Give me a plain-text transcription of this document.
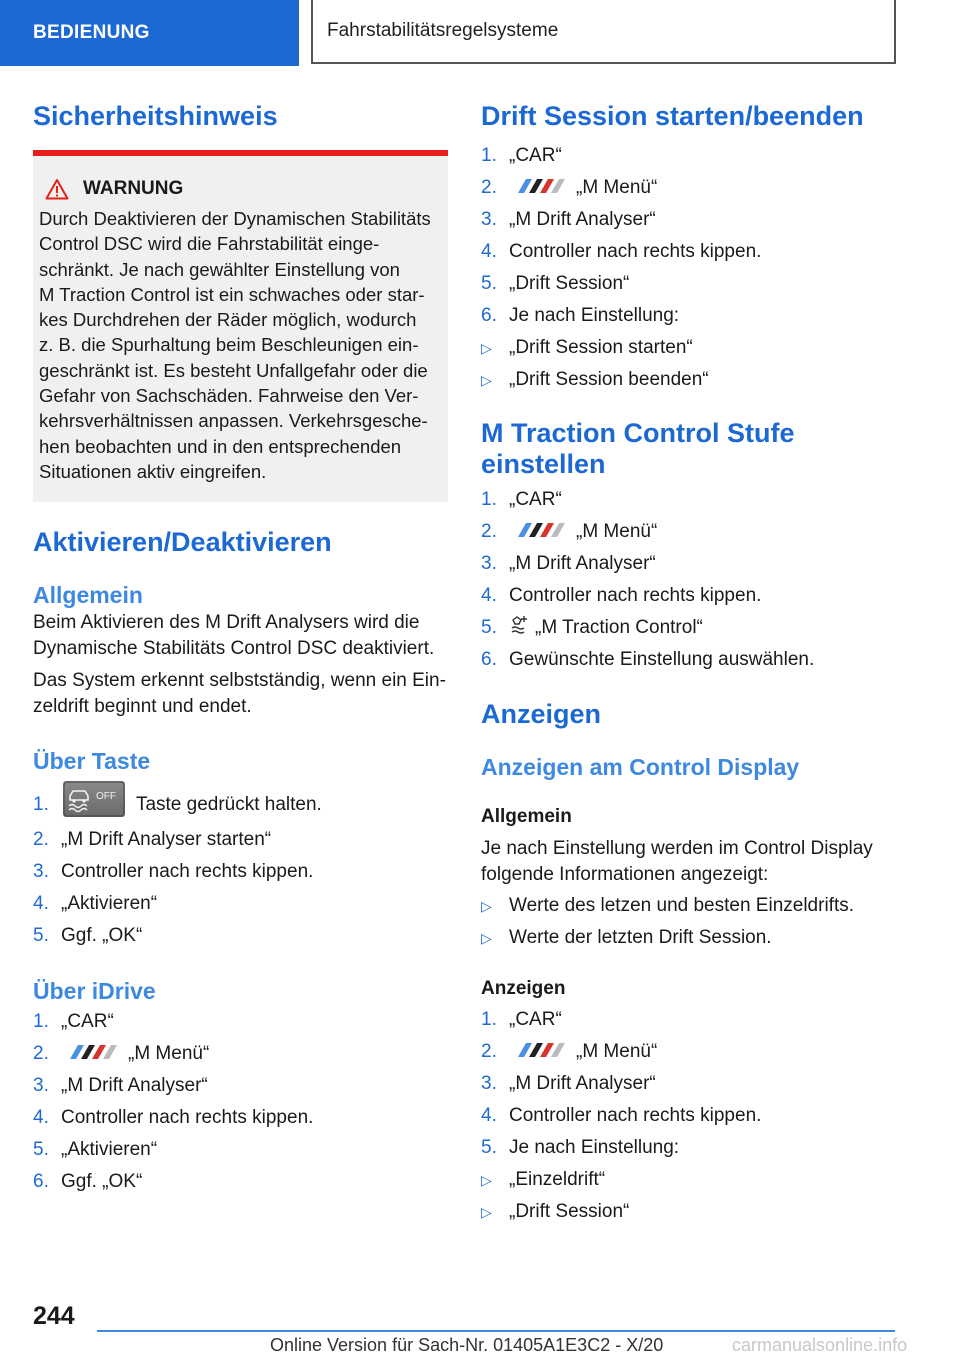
BEDIENUNG	Fahrstabilitätsregelsysteme
Sicherheitshinweis
WARNUNG
Durch Deaktivieren der Dynamischen Stabilitäts
Control DSC wird die Fahrstabilität einge-
schränkt. Je nach gewählter Einstellung von
M Traction Control ist ein schwaches oder star-
kes Durchdrehen der Räder möglich, wodurch
z. B. die Spurhaltung beim Beschleunigen ein-
geschränkt ist. Es besteht Unfallgefahr oder die
Gefahr von Sachschäden. Fahrweise den Ver-
kehrsverhältnissen anpassen. Verkehrsgesche-
hen beobachten und in den entsprechenden
Situationen aktiv eingreifen.
Aktivieren/Deaktivieren
Allgemein

Beim Aktivieren des M Drift Analysers wird die
Dynamische Stabilitäts Control DSC deaktiviert.

Das System erkennt selbstständig, wenn ein Ein-
zeldrift beginnt und endet.

Über Taste
1.	OFF Taste gedrückt halten.
2. „M Drift Analyser starten“
3. Controller nach rechts kippen.
4. „Aktivieren“
5. Ggf. „OK“
Über iDrive
1. „CAR“
2.	„M Menü“
3. „M Drift Analyser“
4. Controller nach rechts kippen.
5. „Aktivieren“
6. Ggf. „OK“
Drift Session starten/beenden
1. „CAR“
2.	„M Menü“
3. „M Drift Analyser“
4. Controller nach rechts kippen.
5. „Drift Session“
6. Je nach Einstellung:
▷ „Drift Session starten“
▷ „Drift Session beenden“
M Traction Control Stufe
einstellen
1. „CAR“
2.	„M Menü“
3. „M Drift Analyser“
4. Controller nach rechts kippen.
5. „M Traction Control“
6. Gewünschte Einstellung auswählen.
Anzeigen
Anzeigen am Control Display
Allgemein

Je nach Einstellung werden im Control Display
folgende Informationen angezeigt:

▷ Werte des letzen und besten Einzeldrifts.
▷ Werte der letzten Drift Session.
Anzeigen
1. „CAR“
2.	„M Menü“
3. „M Drift Analyser“
4. Controller nach rechts kippen.
5. Je nach Einstellung:
▷ „Einzeldrift“
▷ „Drift Session“
244
Online Version für Sach-Nr. 01405A1E3C2 - X/20	carmanualsonline.info
